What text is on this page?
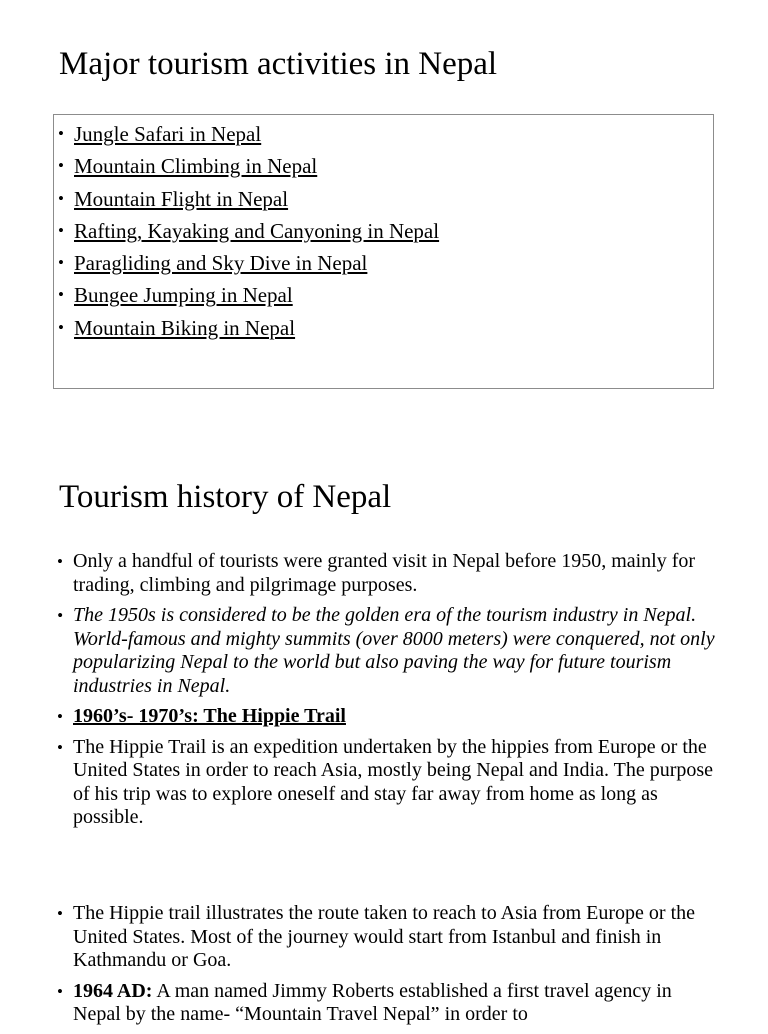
Major tourism activities in Nepal
• Jungle Safari in Nepal
• Mountain Climbing in Nepal
• Mountain Flight in Nepal
• Rafting, Kayaking and Canyoning in Nepal
• Paragliding and Sky Dive in Nepal
• Bungee Jumping in Nepal
• Mountain Biking in Nepal
Tourism history of Nepal
• Only a handful of tourists were granted visit in Nepal before 1950, mainly for trading, climbing and pilgrimage purposes.
• The 1950s is considered to be the golden era of the tourism industry in Nepal. World-famous and mighty summits (over 8000 meters) were conquered, not only popularizing Nepal to the world but also paving the way for future tourism industries in Nepal.
• 1960’s- 1970’s: The Hippie Trail
• The Hippie Trail is an expedition undertaken by the hippies from Europe or the United States in order to reach Asia, mostly being Nepal and India. The purpose of his trip was to explore oneself and stay far away from home as long as possible.
• The Hippie trail illustrates the route taken to reach to Asia from Europe or the United States. Most of the journey would start from Istanbul and finish in Kathmandu or Goa.
• 1964 AD: A man named Jimmy Roberts established a first travel agency in Nepal by the name- “Mountain Travel Nepal” in order to
